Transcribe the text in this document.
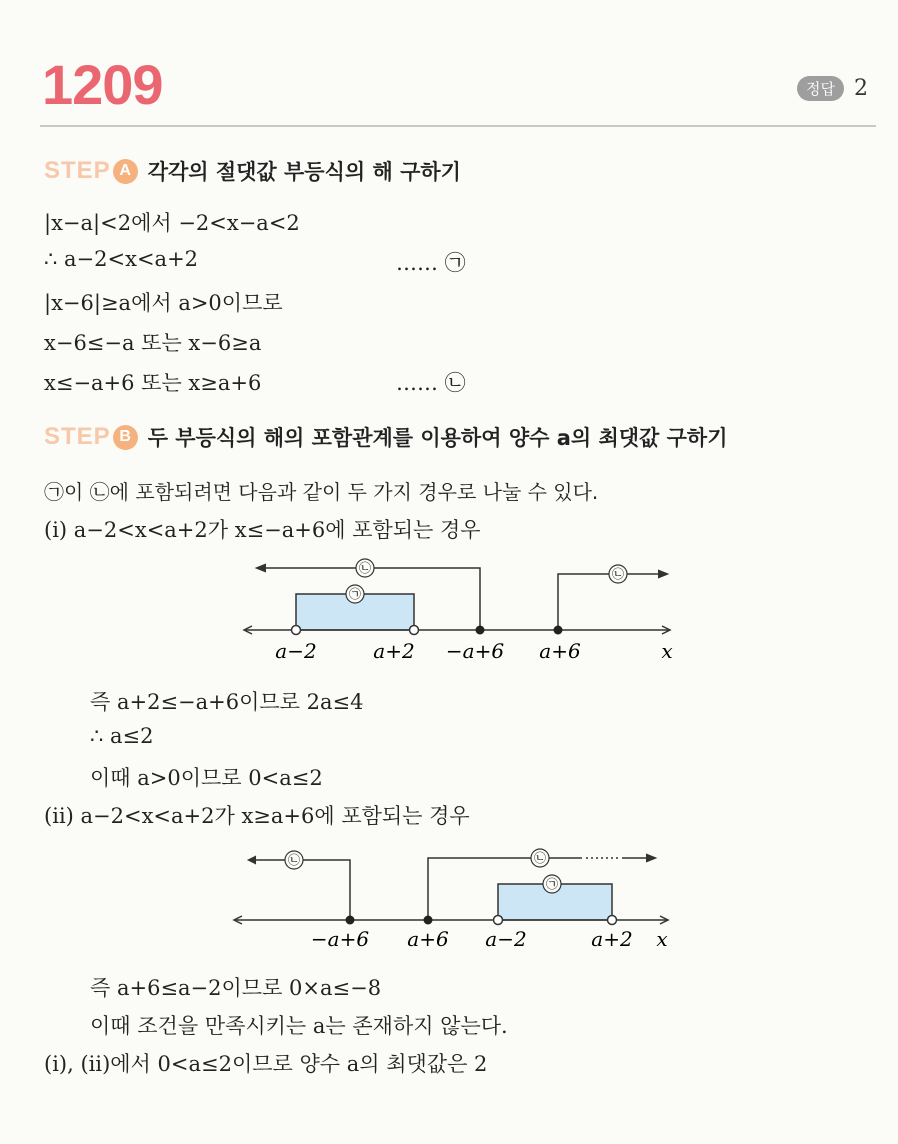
1209	정답 2
STEP A 각각의 절댓값 부등식의 해 구하기
|x−a|<2에서 −2<x−a<2
∴ a−2<x<a+2	…… ㉠
|x−6|≥a에서 a>0이므로
x−6≤−a 또는 x−6≥a
x≤−a+6 또는 x≥a+6	…… ㉡
STEP B 두 부등식의 해의 포함관계를 이용하여 양수 a의 최댓값 구하기
㉠이 ㉡에 포함되려면 다음과 같이 두 가지 경우로 나눌 수 있다.
(ⅰ) a−2<x<a+2가 x≤−a+6에 포함되는 경우
㉡	㉡
㉠
a−2	a+2 −a+6 a+6	x
즉 a+2≤−a+6이므로 2a≤4
∴ a≤2
이때 a>0이므로 0<a≤2
(ⅱ) a−2<x<a+2가 x≥a+6에 포함되는 경우
㉡	㉡
㉠
−a+6 a+6 a−2	a+2 x
즉 a+6≤a−2이므로 0×a≤−8
이때 조건을 만족시키는 a는 존재하지 않는다.
(ⅰ), (ⅱ)에서 0<a≤2이므로 양수 a의 최댓값은 2
